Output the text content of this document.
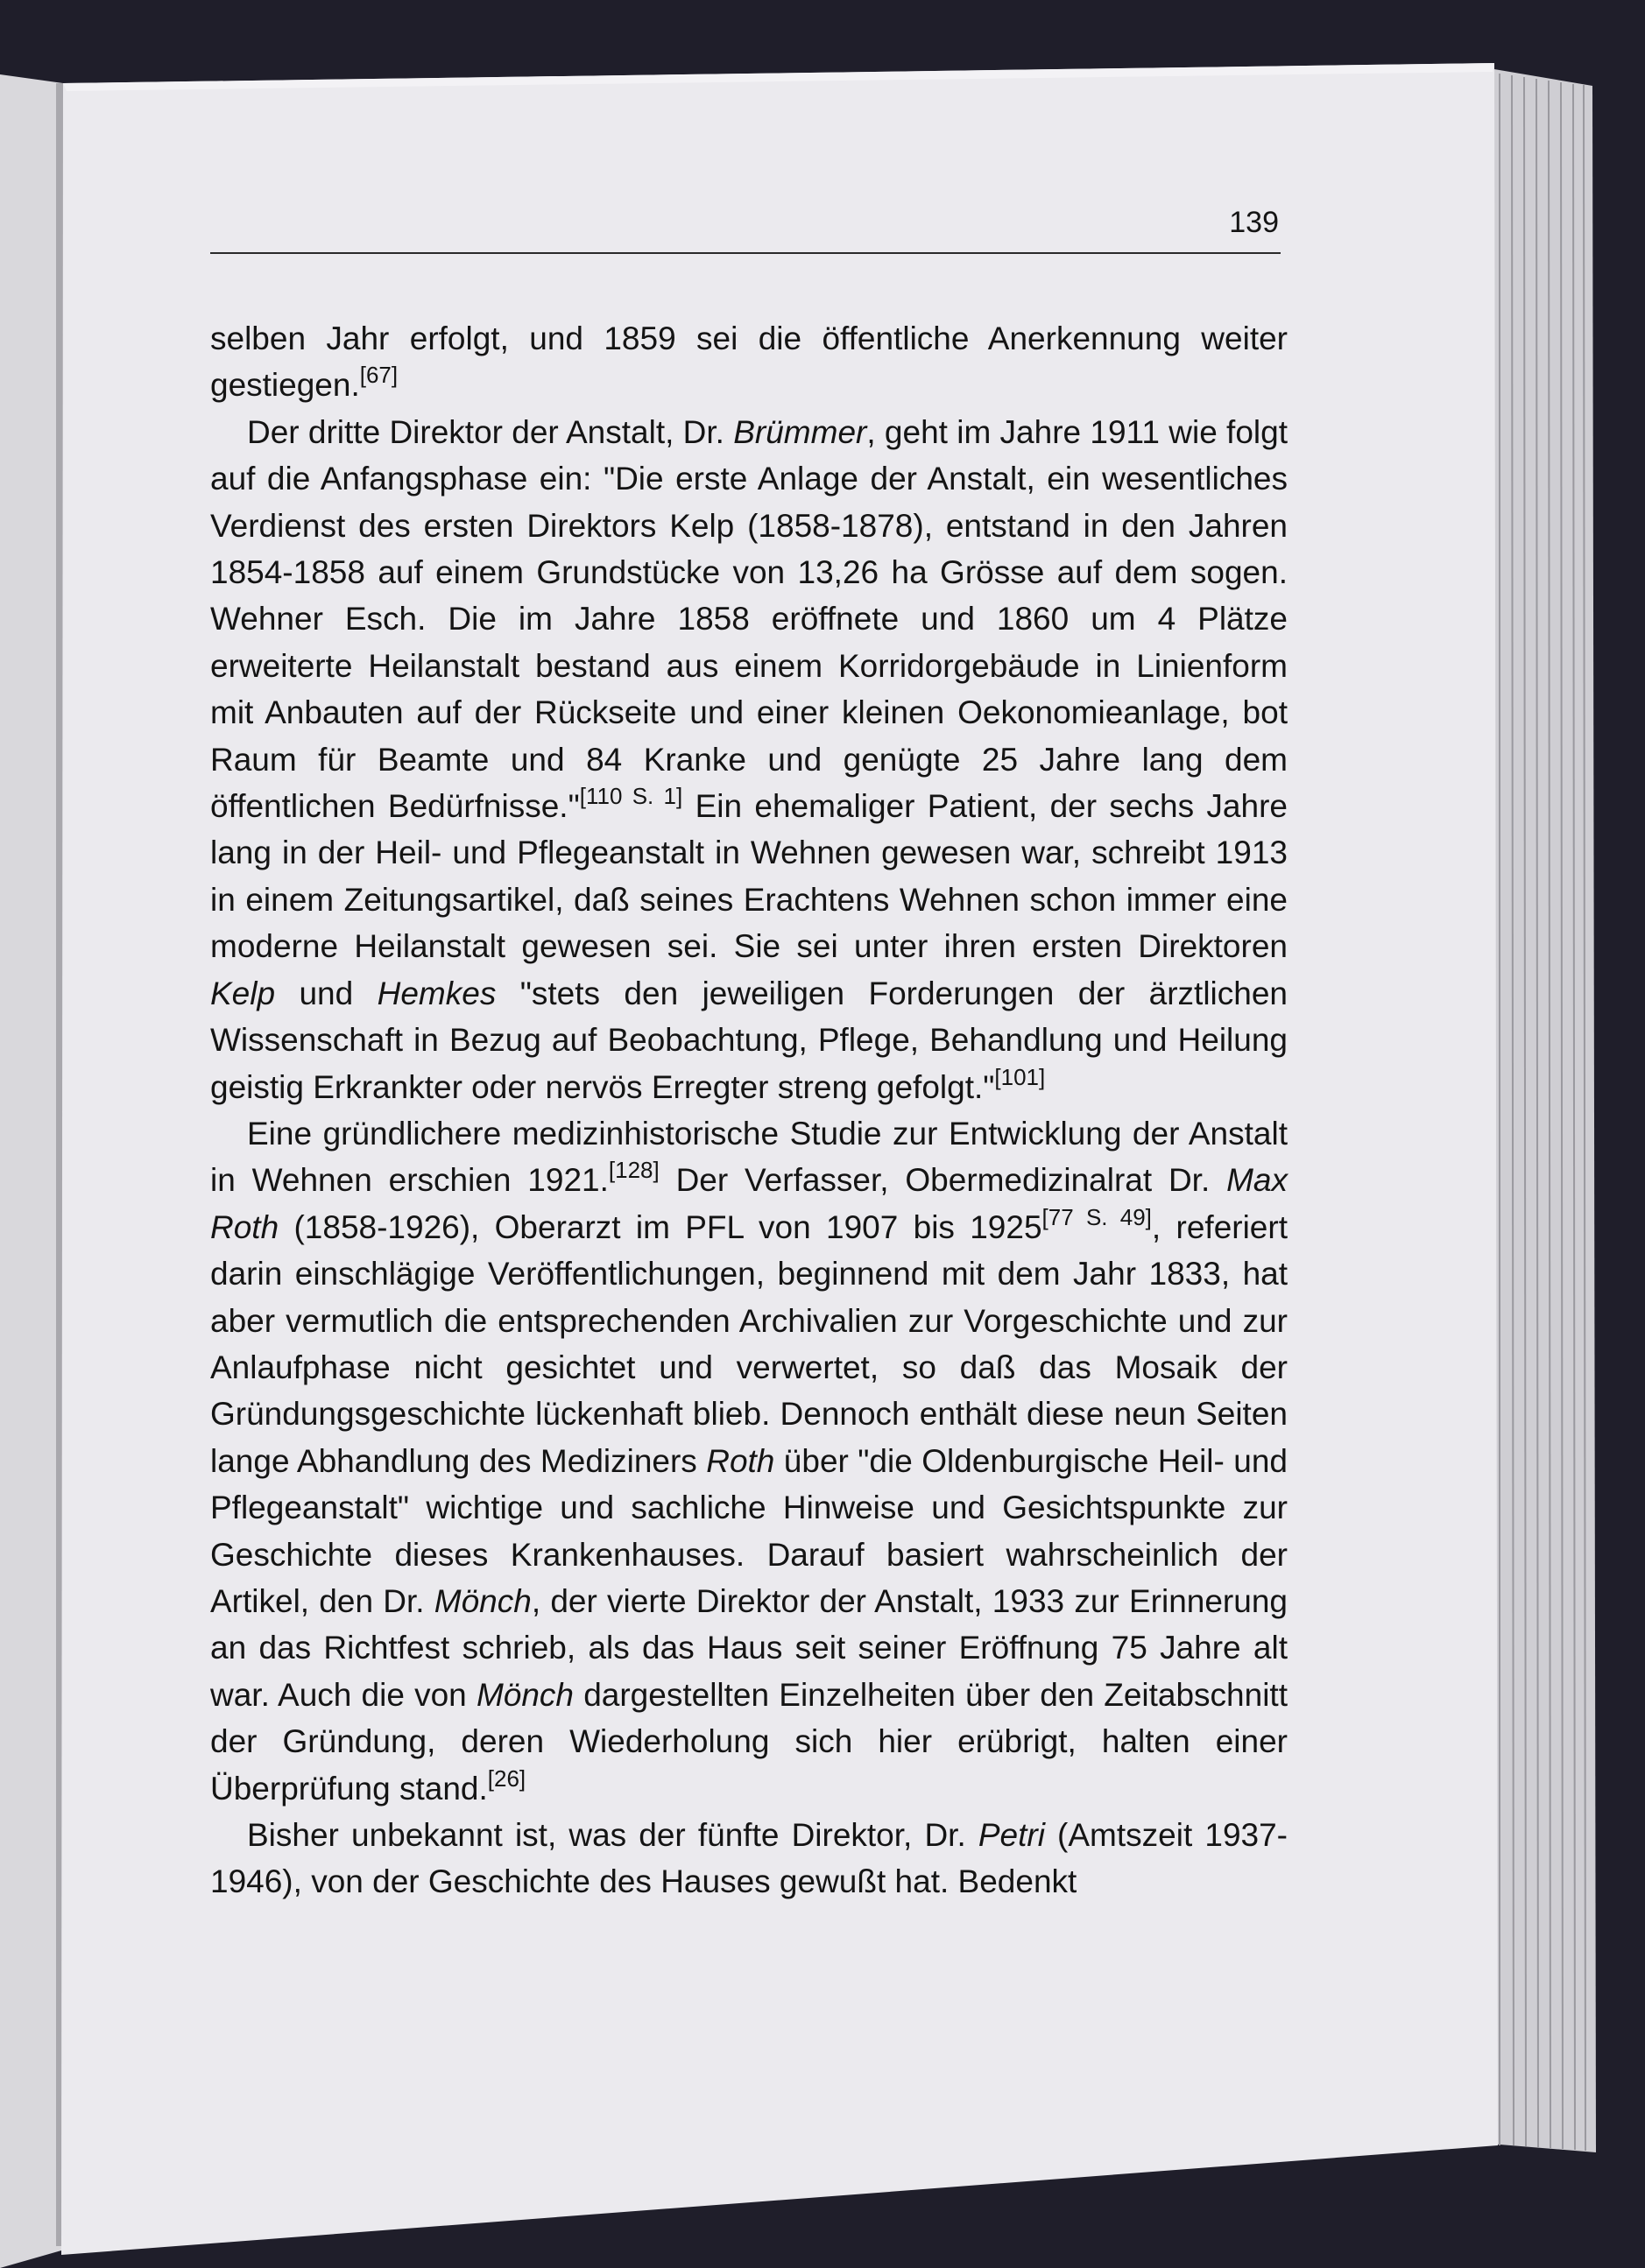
139

selben Jahr erfolgt, und 1859 sei die öffentliche Anerkennung weiter gestiegen.[67]

Der dritte Direktor der Anstalt, Dr. Brümmer, geht im Jahre 1911 wie folgt auf die Anfangsphase ein: "Die erste Anlage der Anstalt, ein wesentliches Verdienst des ersten Direktors Kelp (1858-1878), entstand in den Jahren 1854-1858 auf einem Grundstücke von 13,26 ha Grösse auf dem sogen. Wehner Esch. Die im Jahre 1858 eröffnete und 1860 um 4 Plätze erweiterte Heilanstalt bestand aus einem Korridorgebäude in Linienform mit Anbauten auf der Rückseite und einer kleinen Oekonomieanlage, bot Raum für Beamte und 84 Kranke und genügte 25 Jahre lang dem öffentlichen Bedürfnisse."[110 S. 1] Ein ehemaliger Patient, der sechs Jahre lang in der Heil- und Pflegeanstalt in Wehnen gewesen war, schreibt 1913 in einem Zeitungsartikel, daß seines Erachtens Wehnen schon immer eine moderne Heilanstalt gewesen sei. Sie sei unter ihren ersten Direktoren Kelp und Hemkes "stets den jeweiligen Forderungen der ärztlichen Wissenschaft in Bezug auf Beobachtung, Pflege, Behandlung und Heilung geistig Erkrankter oder nervös Erregter streng gefolgt."[101]

Eine gründlichere medizinhistorische Studie zur Entwicklung der Anstalt in Wehnen erschien 1921.[128] Der Verfasser, Obermedizinalrat Dr. Max Roth (1858-1926), Oberarzt im PFL von 1907 bis 1925[77 S. 49], referiert darin einschlägige Veröffentlichungen, beginnend mit dem Jahr 1833, hat aber vermutlich die entsprechenden Archivalien zur Vorgeschichte und zur Anlaufphase nicht gesichtet und verwertet, so daß das Mosaik der Gründungsgeschichte lückenhaft blieb. Dennoch enthält diese neun Seiten lange Abhandlung des Mediziners Roth über "die Oldenburgische Heil- und Pflegeanstalt" wichtige und sachliche Hinweise und Gesichtspunkte zur Geschichte dieses Krankenhauses. Darauf basiert wahrscheinlich der Artikel, den Dr. Mönch, der vierte Direktor der Anstalt, 1933 zur Erinnerung an das Richtfest schrieb, als das Haus seit seiner Eröffnung 75 Jahre alt war. Auch die von Mönch dargestellten Einzelheiten über den Zeitabschnitt der Gründung, deren Wiederholung sich hier erübrigt, halten einer Überprüfung stand.[26]

Bisher unbekannt ist, was der fünfte Direktor, Dr. Petri (Amtszeit 1937-1946), von der Geschichte des Hauses gewußt hat. Bedenkt
